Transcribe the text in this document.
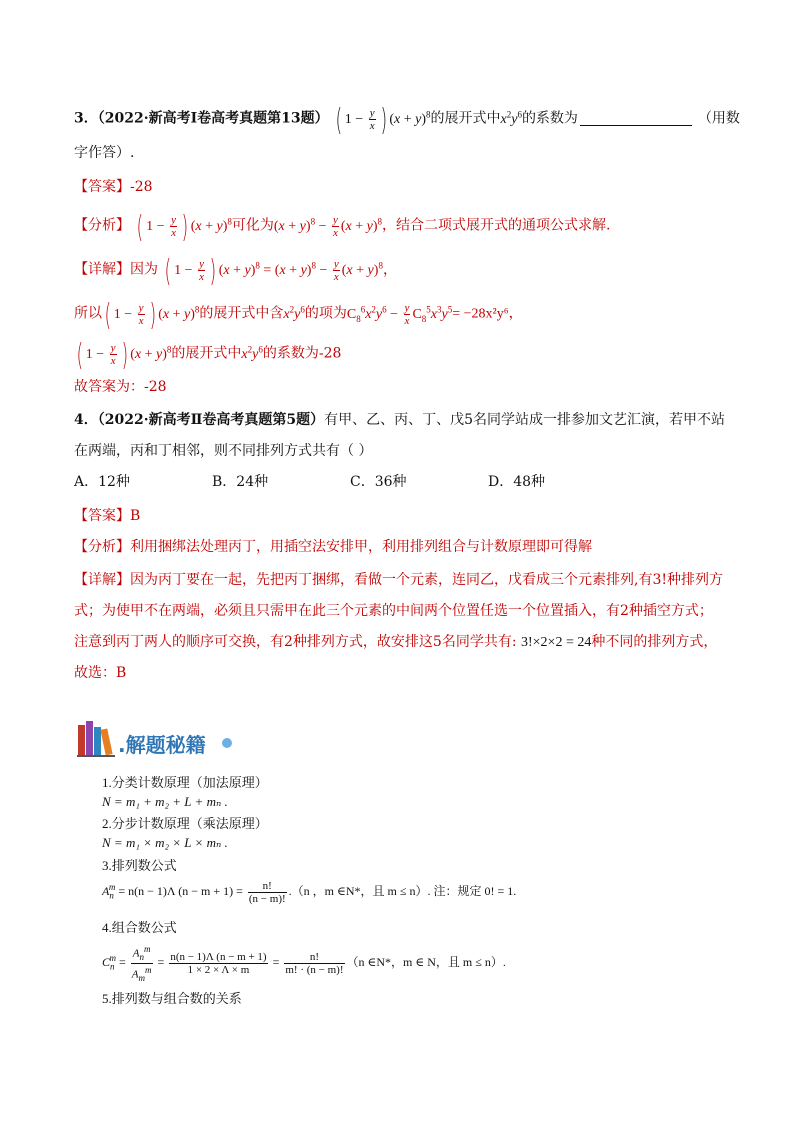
3．（2022·新高考Ⅰ卷高考真题第13题） ( $1 - \frac{y}{x}$ ) $(x + y)^8$的展开式中$x^2y^6$的系数为	（用数
字作答）.
【答案】-28
【分析】 ( $1 - \frac{y}{x}$ ) $(x + y)^8$可化为$(x + y)^8 - \frac{y}{x} (x + y)^8$，结合二项式展开式的通项公式求解.
【详解】因为 ( $1 - \frac{y}{x}$ ) $(x + y)^8 = (x + y)^8 - \frac{y}{x} (x + y)^8$，
所以( $1 - \frac{y}{x}$ ) $(x + y)^8$的展开式中含$x^2y^6$的项为$C_8^6x^2y^6 - \frac{y}{x} C_8^5x^3y^5= -28x^2y^6$，
( $1 - \frac{y}{x}$ ) $(x + y)^8$的展开式中$x^2y^6$的系数为-28
故答案为：-28
4．（2022·新高考Ⅱ卷高考真题第5题）有甲、乙、丙、丁、戊5名同学站成一排参加文艺汇演，若甲不站
在两端，丙和丁相邻，则不同排列方式共有（ ）
A．12种	B．24种	C．36种	D．48种
【答案】B
【分析】利用捆绑法处理丙丁，用插空法安排甲，利用排列组合与计数原理即可得解
【详解】因为丙丁要在一起，先把丙丁捆绑，看做一个元素，连同乙，戊看成三个元素排列,有3!种排列方
式；为使甲不在两端，必须且只需甲在此三个元素的中间两个位置任选一个位置插入，有2种插空方式；
注意到丙丁两人的顺序可交换，有2种排列方式，故安排这5名同学共有: 3!×2×2 = 24种不同的排列方式，
故选：B
.解题秘籍
1.分类计数原理（加法原理）
N = m₁ + m₂ + L + mₙ .
2.分步计数原理（乘法原理）
N = m₁ × m₂ × L × mₙ .
3.排列数公式
$A_n^m = n(n - 1)\Lambda$ $(n - m + 1) = \frac{n!}{(n - m)!} .(n$ ，m ∈N*，且 m ≤ n）. 注：规定 0! = 1.
4.组合数公式
$C_n^m = \frac{A_n^m}{A_m^m} = \frac{n(n - 1)\Lambda (n - m + 1)}{1 \times 2 \times \Lambda \times m} = \frac{n!}{m! \cdot (n - m)!} (n$ ∈N*，m ∈ N，且 m ≤ n）.
5.排列数与组合数的关系
